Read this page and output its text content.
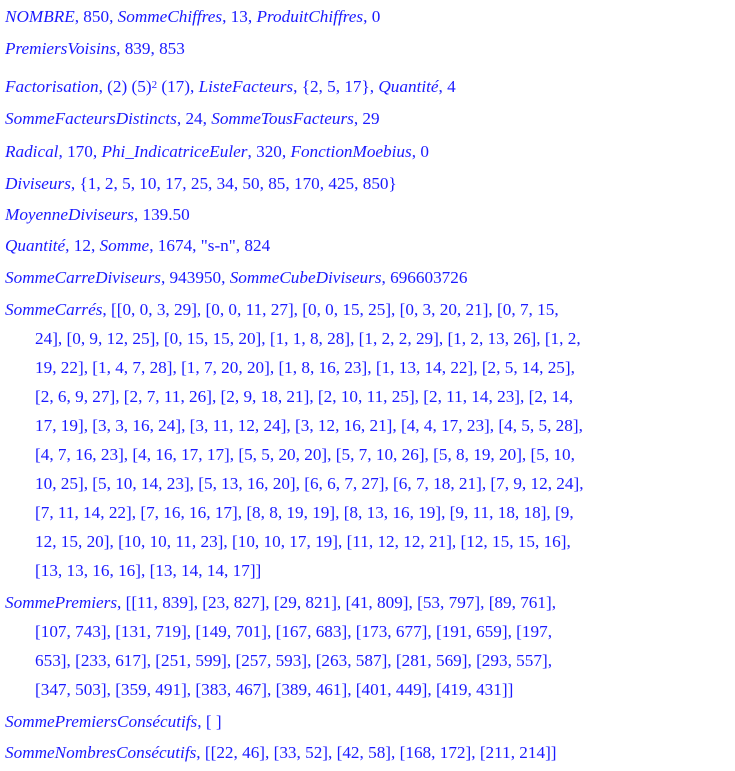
NOMBRE, 850, SommeChiffres, 13, ProduitChiffres, 0
PremiersVoisins, 839, 853
Factorisation, (2) $(5)^2$ (17), ListeFacteurs, {2, 5, 17}, Quantité, 4
SommeFacteursDistincts, 24, SommeTousFacteurs, 29
Radical, 170, Phi_IndicatriceEuler, 320, FonctionMoebius, 0
Diviseurs, {1, 2, 5, 10, 17, 25, 34, 50, 85, 170, 425, 850}
MoyenneDiviseurs, 139.50
Quantité, 12, Somme, 1674, "s-n", 824
SommeCarreDiviseurs, 943950, SommeCubeDiviseurs, 696603726
SommeCarrés, [[0, 0, 3, 29], [0, 0, 11, 27], [0, 0, 15, 25], [0, 3, 20, 21], [0, 7, 15,
24], [0, 9, 12, 25], [0, 15, 15, 20], [1, 1, 8, 28], [1, 2, 2, 29], [1, 2, 13, 26], [1, 2,
19, 22], [1, 4, 7, 28], [1, 7, 20, 20], [1, 8, 16, 23], [1, 13, 14, 22], [2, 5, 14, 25],
[2, 6, 9, 27], [2, 7, 11, 26], [2, 9, 18, 21], [2, 10, 11, 25], [2, 11, 14, 23], [2, 14,
17, 19], [3, 3, 16, 24], [3, 11, 12, 24], [3, 12, 16, 21], [4, 4, 17, 23], [4, 5, 5, 28],
[4, 7, 16, 23], [4, 16, 17, 17], [5, 5, 20, 20], [5, 7, 10, 26], [5, 8, 19, 20], [5, 10,
10, 25], [5, 10, 14, 23], [5, 13, 16, 20], [6, 6, 7, 27], [6, 7, 18, 21], [7, 9, 12, 24],
[7, 11, 14, 22], [7, 16, 16, 17], [8, 8, 19, 19], [8, 13, 16, 19], [9, 11, 18, 18], [9,
12, 15, 20], [10, 10, 11, 23], [10, 10, 17, 19], [11, 12, 12, 21], [12, 15, 15, 16],
[13, 13, 16, 16], [13, 14, 14, 17]]
SommePremiers, [[11, 839], [23, 827], [29, 821], [41, 809], [53, 797], [89, 761],
[107, 743], [131, 719], [149, 701], [167, 683], [173, 677], [191, 659], [197,
653], [233, 617], [251, 599], [257, 593], [263, 587], [281, 569], [293, 557],
[347, 503], [359, 491], [383, 467], [389, 461], [401, 449], [419, 431]]
SommePremiersConsécutifs, [ ]
SommeNombresConsécutifs, [[22, 46], [33, 52], [42, 58], [168, 172], [211, 214]]
